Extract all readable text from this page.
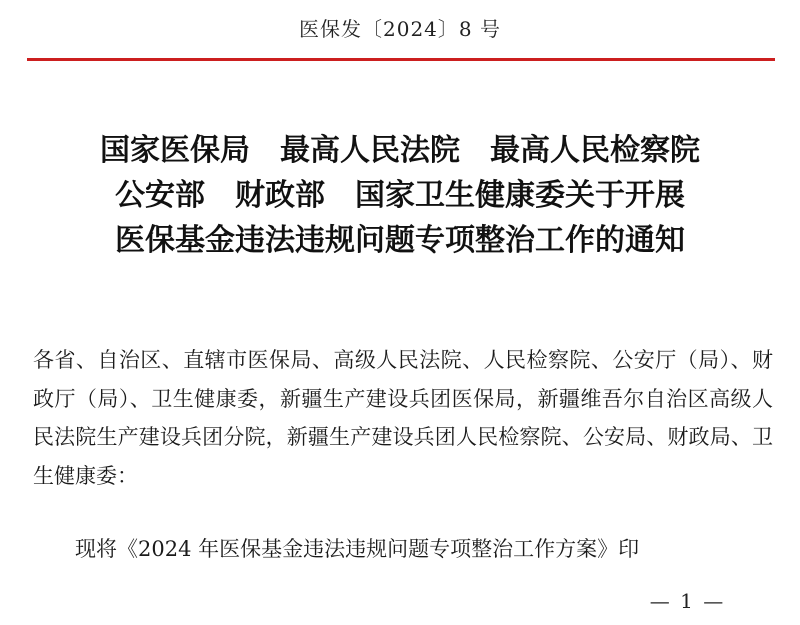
医保发〔2024〕8 号
国家医保局　最高人民法院　最高人民检察院
公安部　财政部　国家卫生健康委关于开展
医保基金违法违规问题专项整治工作的通知
各省、自治区、直辖市医保局、高级人民法院、人民检察院、公安厅（局）、财政厅（局）、卫生健康委，新疆生产建设兵团医保局，新疆维吾尔自治区高级人民法院生产建设兵团分院，新疆生产建设兵团人民检察院、公安局、财政局、卫生健康委：
现将《2024 年医保基金违法违规问题专项整治工作方案》印
— 1 —
